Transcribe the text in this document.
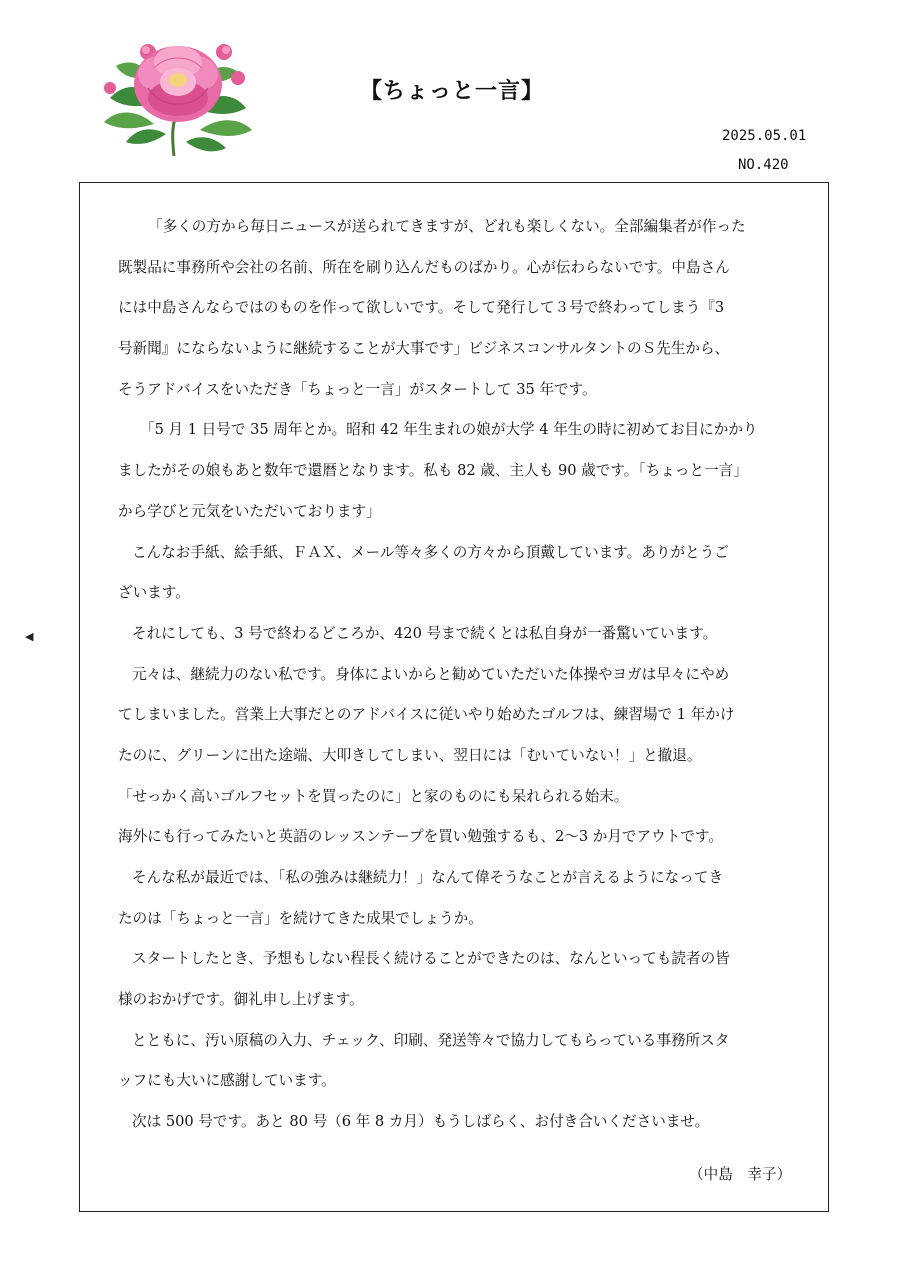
【ちょっと一言】
2025.05.01
NO.420
◀
「多くの方から毎日ニュースが送られてきますが、どれも楽しくない。全部編集者が作った
既製品に事務所や会社の名前、所在を刷り込んだものばかり。心が伝わらないです。中島さん
には中島さんならではのものを作って欲しいです。そして発行して３号で終わってしまう『3
号新聞』にならないように継続することが大事です」ビジネスコンサルタントのＳ先生から、
そうアドバイスをいただき「ちょっと一言」がスタートして 35 年です。
「5 月 1 日号で 35 周年とか。昭和 42 年生まれの娘が大学 4 年生の時に初めてお目にかかり
ましたがその娘もあと数年で還暦となります。私も 82 歳、主人も 90 歳です。「ちょっと一言」
から学びと元気をいただいております」
こんなお手紙、絵手紙、ＦＡＸ、メール等々多くの方々から頂戴しています。ありがとうご
ざいます。
それにしても、3 号で終わるどころか、420 号まで続くとは私自身が一番驚いています。
元々は、継続力のない私です。身体によいからと勧めていただいた体操やヨガは早々にやめ
てしまいました。営業上大事だとのアドバイスに従いやり始めたゴルフは、練習場で 1 年かけ
たのに、グリーンに出た途端、大叩きしてしまい、翌日には「むいていない！」と撤退。
「せっかく高いゴルフセットを買ったのに」と家のものにも呆れられる始末。
海外にも行ってみたいと英語のレッスンテープを買い勉強するも、2〜3 か月でアウトです。
そんな私が最近では、「私の強みは継続力！」なんて偉そうなことが言えるようになってき
たのは「ちょっと一言」を続けてきた成果でしょうか。
スタートしたとき、予想もしない程長く続けることができたのは、なんといっても読者の皆
様のおかげです。御礼申し上げます。
とともに、汚い原稿の入力、チェック、印刷、発送等々で協力してもらっている事務所スタ
ッフにも大いに感謝しています。
次は 500 号です。あと 80 号（6 年 8 カ月）もうしばらく、お付き合いくださいませ。
（中島　幸子）
